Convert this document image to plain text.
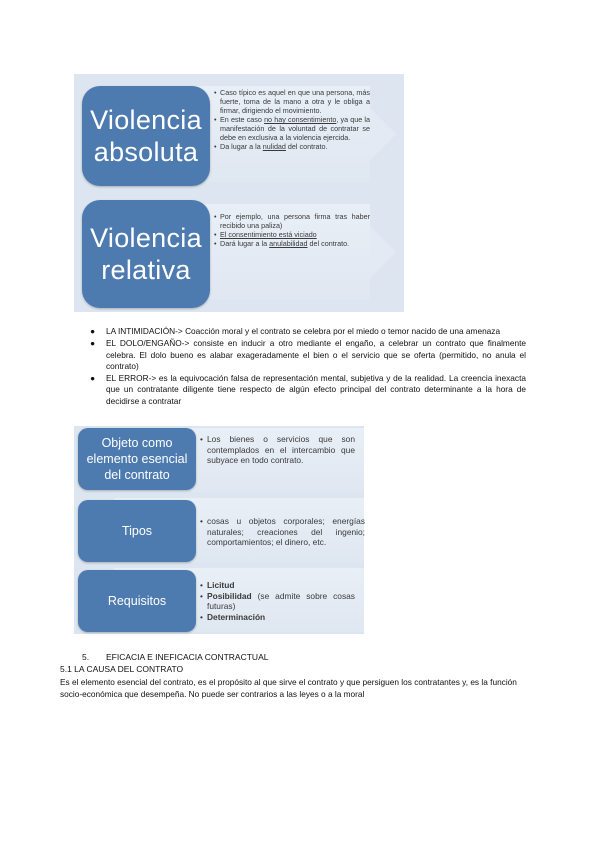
Violencia
absoluta
• Caso típico es aquel en que una persona, más fuerte, toma de la mano a otra y le obliga a firmar, dirigiendo el movimiento.
• En este caso no hay consentimiento, ya que la manifestación de la voluntad de contratar se debe en exclusiva a la violencia ejercida.
• Da lugar a la nulidad del contrato.
Violencia
relativa
• Por ejemplo, una persona firma tras haber recibido una paliza)
• El consentimiento está viciado
• Dará lugar a la anulabilidad del contrato.
● LA INTIMIDACIÓN-> Coacción moral y el contrato se celebra por el miedo o temor nacido de una amenaza
● EL DOLO/ENGAÑO-> consiste en inducir a otro mediante el engaño, a celebrar un contrato que finalmente celebra. El dolo bueno es alabar exageradamente el bien o el servicio que se oferta (permitido, no anula el contrato)
● EL ERROR-> es la equivocación falsa de representación mental, subjetiva y de la realidad. La creencia inexacta que un contratante diligente tiene respecto de algún efecto principal del contrato determinante a la hora de decidirse a contratar
Objeto como
elemento esencial
del contrato
• Los bienes o servicios que son contemplados en el intercambio que subyace en todo contrato.
Tipos
• cosas u objetos corporales; energías naturales; creaciones del ingenio; comportamientos; el dinero, etc.
Requisitos
• Licitud
• Posibilidad (se admite sobre cosas futuras)
• Determinación
5. EFICACIA E INEFICACIA CONTRACTUAL
5.1 LA CAUSA DEL CONTRATO
Es el elemento esencial del contrato, es el propósito al que sirve el contrato y que persiguen los contratantes y, es la función socio-económica que desempeña. No puede ser contrarios a las leyes o a la moral
